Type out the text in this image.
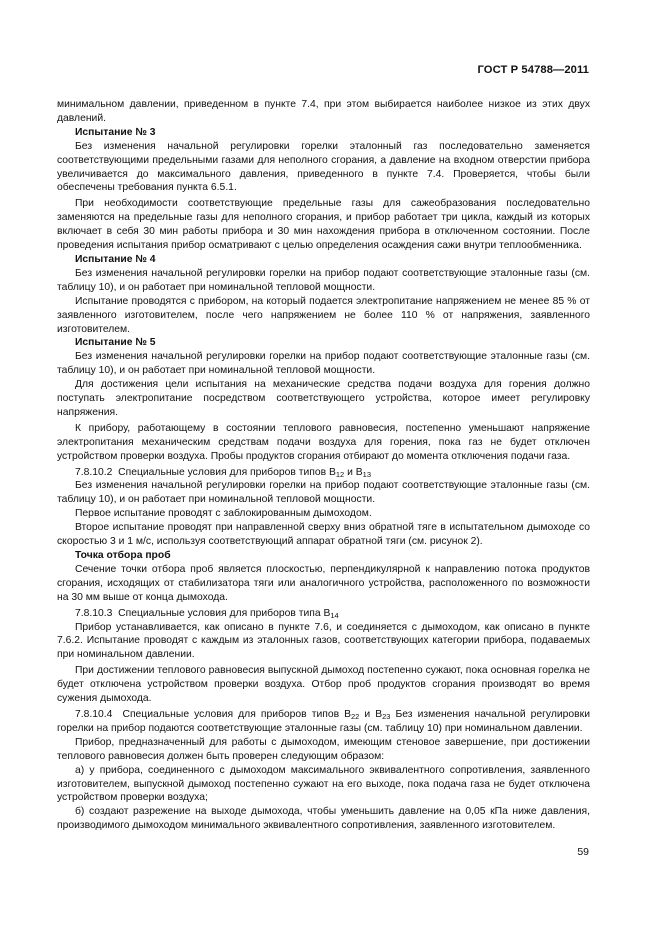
ГОСТ Р 54788—2011

минимальном давлении, приведенном в пункте 7.4, при этом выбирается наиболее низкое из этих двух давлений.

Испытание № 3

Без изменения начальной регулировки горелки эталонный газ последовательно заменяется соответствующими предельными газами для неполного сгорания, а давление на входном отверстии прибора увеличивается до максимального давления, приведенного в пункте 7.4. Проверяется, чтобы были обеспечены требования пункта 6.5.1.

При необходимости соответствующие предельные газы для сажеобразования последовательно заменяются на предельные газы для неполного сгорания, и прибор работает три цикла, каждый из которых включает в себя 30 мин работы прибора и 30 мин нахождения прибора в отключенном состоянии. После проведения испытания прибор осматривают с целью определения осаждения сажи внутри теплообменника.

Испытание № 4

Без изменения начальной регулировки горелки на прибор подают соответствующие эталонные газы (см. таблицу 10), и он работает при номинальной тепловой мощности.

Испытание проводятся с прибором, на который подается электропитание напряжением не менее 85 % от заявленного изготовителем, после чего напряжением не более 110 % от напряжения, заявленного изготовителем.

Испытание № 5

Без изменения начальной регулировки горелки на прибор подают соответствующие эталонные газы (см. таблицу 10), и он работает при номинальной тепловой мощности.

Для достижения цели испытания на механические средства подачи воздуха для горения должно поступать электропитание посредством соответствующего устройства, которое имеет регулировку напряжения.

К прибору, работающему в состоянии теплового равновесия, постепенно уменьшают напряжение электропитания механическим средствам подачи воздуха для горения, пока газ не будет отключен устройством проверки воздуха. Пробы продуктов сгорания отбирают до момента отключения подачи газа.

7.8.10.2 Специальные условия для приборов типов $B_{12}$ и $B_{13}$

Без изменения начальной регулировки горелки на прибор подают соответствующие эталонные газы (см. таблицу 10), и он работает при номинальной тепловой мощности.

Первое испытание проводят с заблокированным дымоходом.

Второе испытание проводят при направленной сверху вниз обратной тяге в испытательном дымоходе со скоростью 3 и 1 м/с, используя соответствующий аппарат обратной тяги (см. рисунок 2).

Точка отбора проб

Сечение точки отбора проб является плоскостью, перпендикулярной к направлению потока продуктов сгорания, исходящих от стабилизатора тяги или аналогичного устройства, расположенного по возможности на 30 мм выше от конца дымохода.

7.8.10.3 Специальные условия для приборов типа $B_{14}$

Прибор устанавливается, как описано в пункте 7.6, и соединяется с дымоходом, как описано в пункте 7.6.2. Испытание проводят с каждым из эталонных газов, соответствующих категории прибора, подаваемых при номинальном давлении.

При достижении теплового равновесия выпускной дымоход постепенно сужают, пока основная горелка не будет отключена устройством проверки воздуха. Отбор проб продуктов сгорания производят во время сужения дымохода.

7.8.10.4 Специальные условия для приборов типов $B_{22}$ и $B_{23}$ Без изменения начальной регулировки горелки на прибор подаются соответствующие эталонные газы (см. таблицу 10) при номинальном давлении.

Прибор, предназначенный для работы с дымоходом, имеющим стеновое завершение, при достижении теплового равновесия должен быть проверен следующим образом:

а) у прибора, соединенного с дымоходом максимального эквивалентного сопротивления, заявленного изготовителем, выпускной дымоход постепенно сужают на его выходе, пока подача газа не будет отключена устройством проверки воздуха;

б) создают разрежение на выходе дымохода, чтобы уменьшить давление на 0,05 кПа ниже давления, производимого дымоходом минимального эквивалентного сопротивления, заявленного изготовителем.

59
